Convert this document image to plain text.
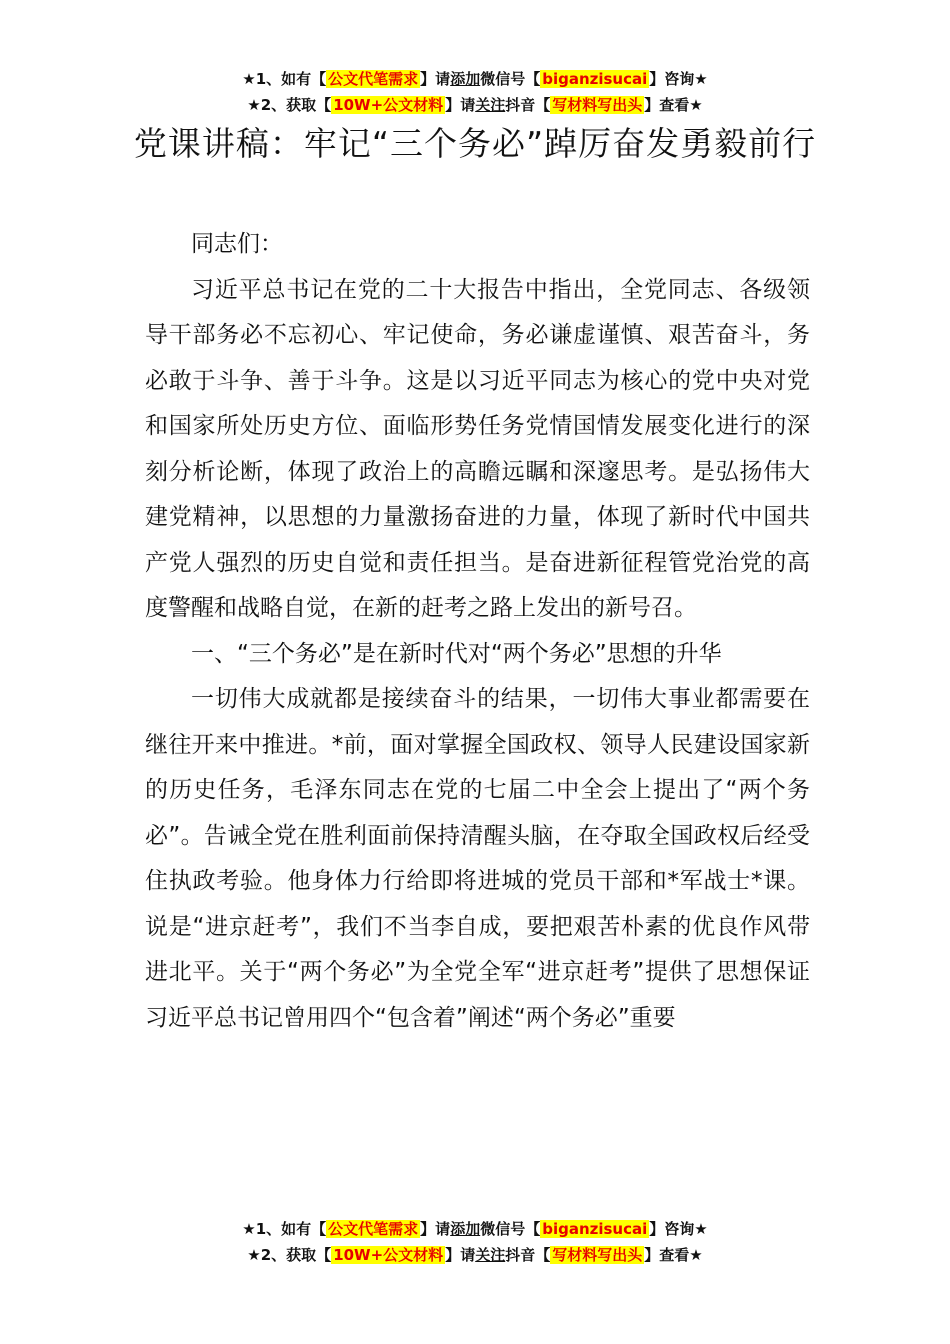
★1、如有【 公文代笔需求 】请添加微信号【 biganzisucai 】咨询★
★2、获取【 10W+公文材料 】请关注抖音【 写材料写出头 】查看★
党课讲稿：牢记“三个务必”踔厉奋发勇毅前行

同志们：

习近平总书记在党的二十大报告中指出，全党同志、各级领导干部务必不忘初心、牢记使命，务必谦虚谨慎、艰苦奋斗，务必敢于斗争、善于斗争。这是以习近平同志为核心的党中央对党和国家所处历史方位、面临形势任务党情国情发展变化进行的深刻分析论断，体现了政治上的高瞻远瞩和深邃思考。是弘扬伟大建党精神，以思想的力量激扬奋进的力量，体现了新时代中国共产党人强烈的历史自觉和责任担当。是奋进新征程管党治党的高度警醒和战略自觉，在新的赶考之路上发出的新号召。

一、“三个务必”是在新时代对“两个务必”思想的升华

一切伟大成就都是接续奋斗的结果，一切伟大事业都需要在继往开来中推进。*前，面对掌握全国政权、领导人民建设国家新的历史任务，毛泽东同志在党的七届二中全会上提出了“两个务必”。告诫全党在胜利面前保持清醒头脑，在夺取全国政权后经受住执政考验。他身体力行给即将进城的党员干部和*军战士*课。说是“进京赶考”，我们不当李自成，要把艰苦朴素的优良作风带进北平。关于“两个务必”为全党全军“进京赶考”提供了思想保证习近平总书记曾用四个“包含着”阐述“两个务必”重要

★1、如有【 公文代笔需求 】请添加微信号【 biganzisucai 】咨询★
★2、获取【 10W+公文材料 】请关注抖音【 写材料写出头 】查看★
